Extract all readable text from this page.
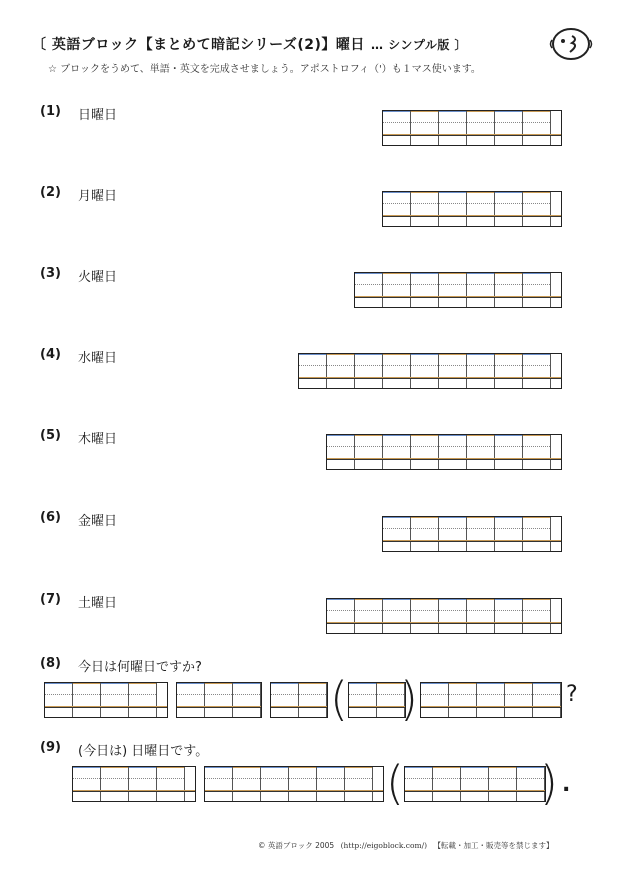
〔 英語ブロック【まとめて暗記シリーズ(2)】曜日 … シンプル版 〕
☆ ブロックをうめて、単語・英文を完成させましょう。アポストロフィ（'）も１マス使います。
(1)	日曜日
(2)	月曜日
(3)	火曜日
(4)	水曜日
(5)	木曜日
(6)	金曜日
(7)	土曜日
(8)	今日は何曜日ですか?
( )	?
(9)	(今日は) 日曜日です。
(	) .
© 英語ブロック 2005 (http://eigoblock.com/) 【転載・加工・販売等を禁じます】
